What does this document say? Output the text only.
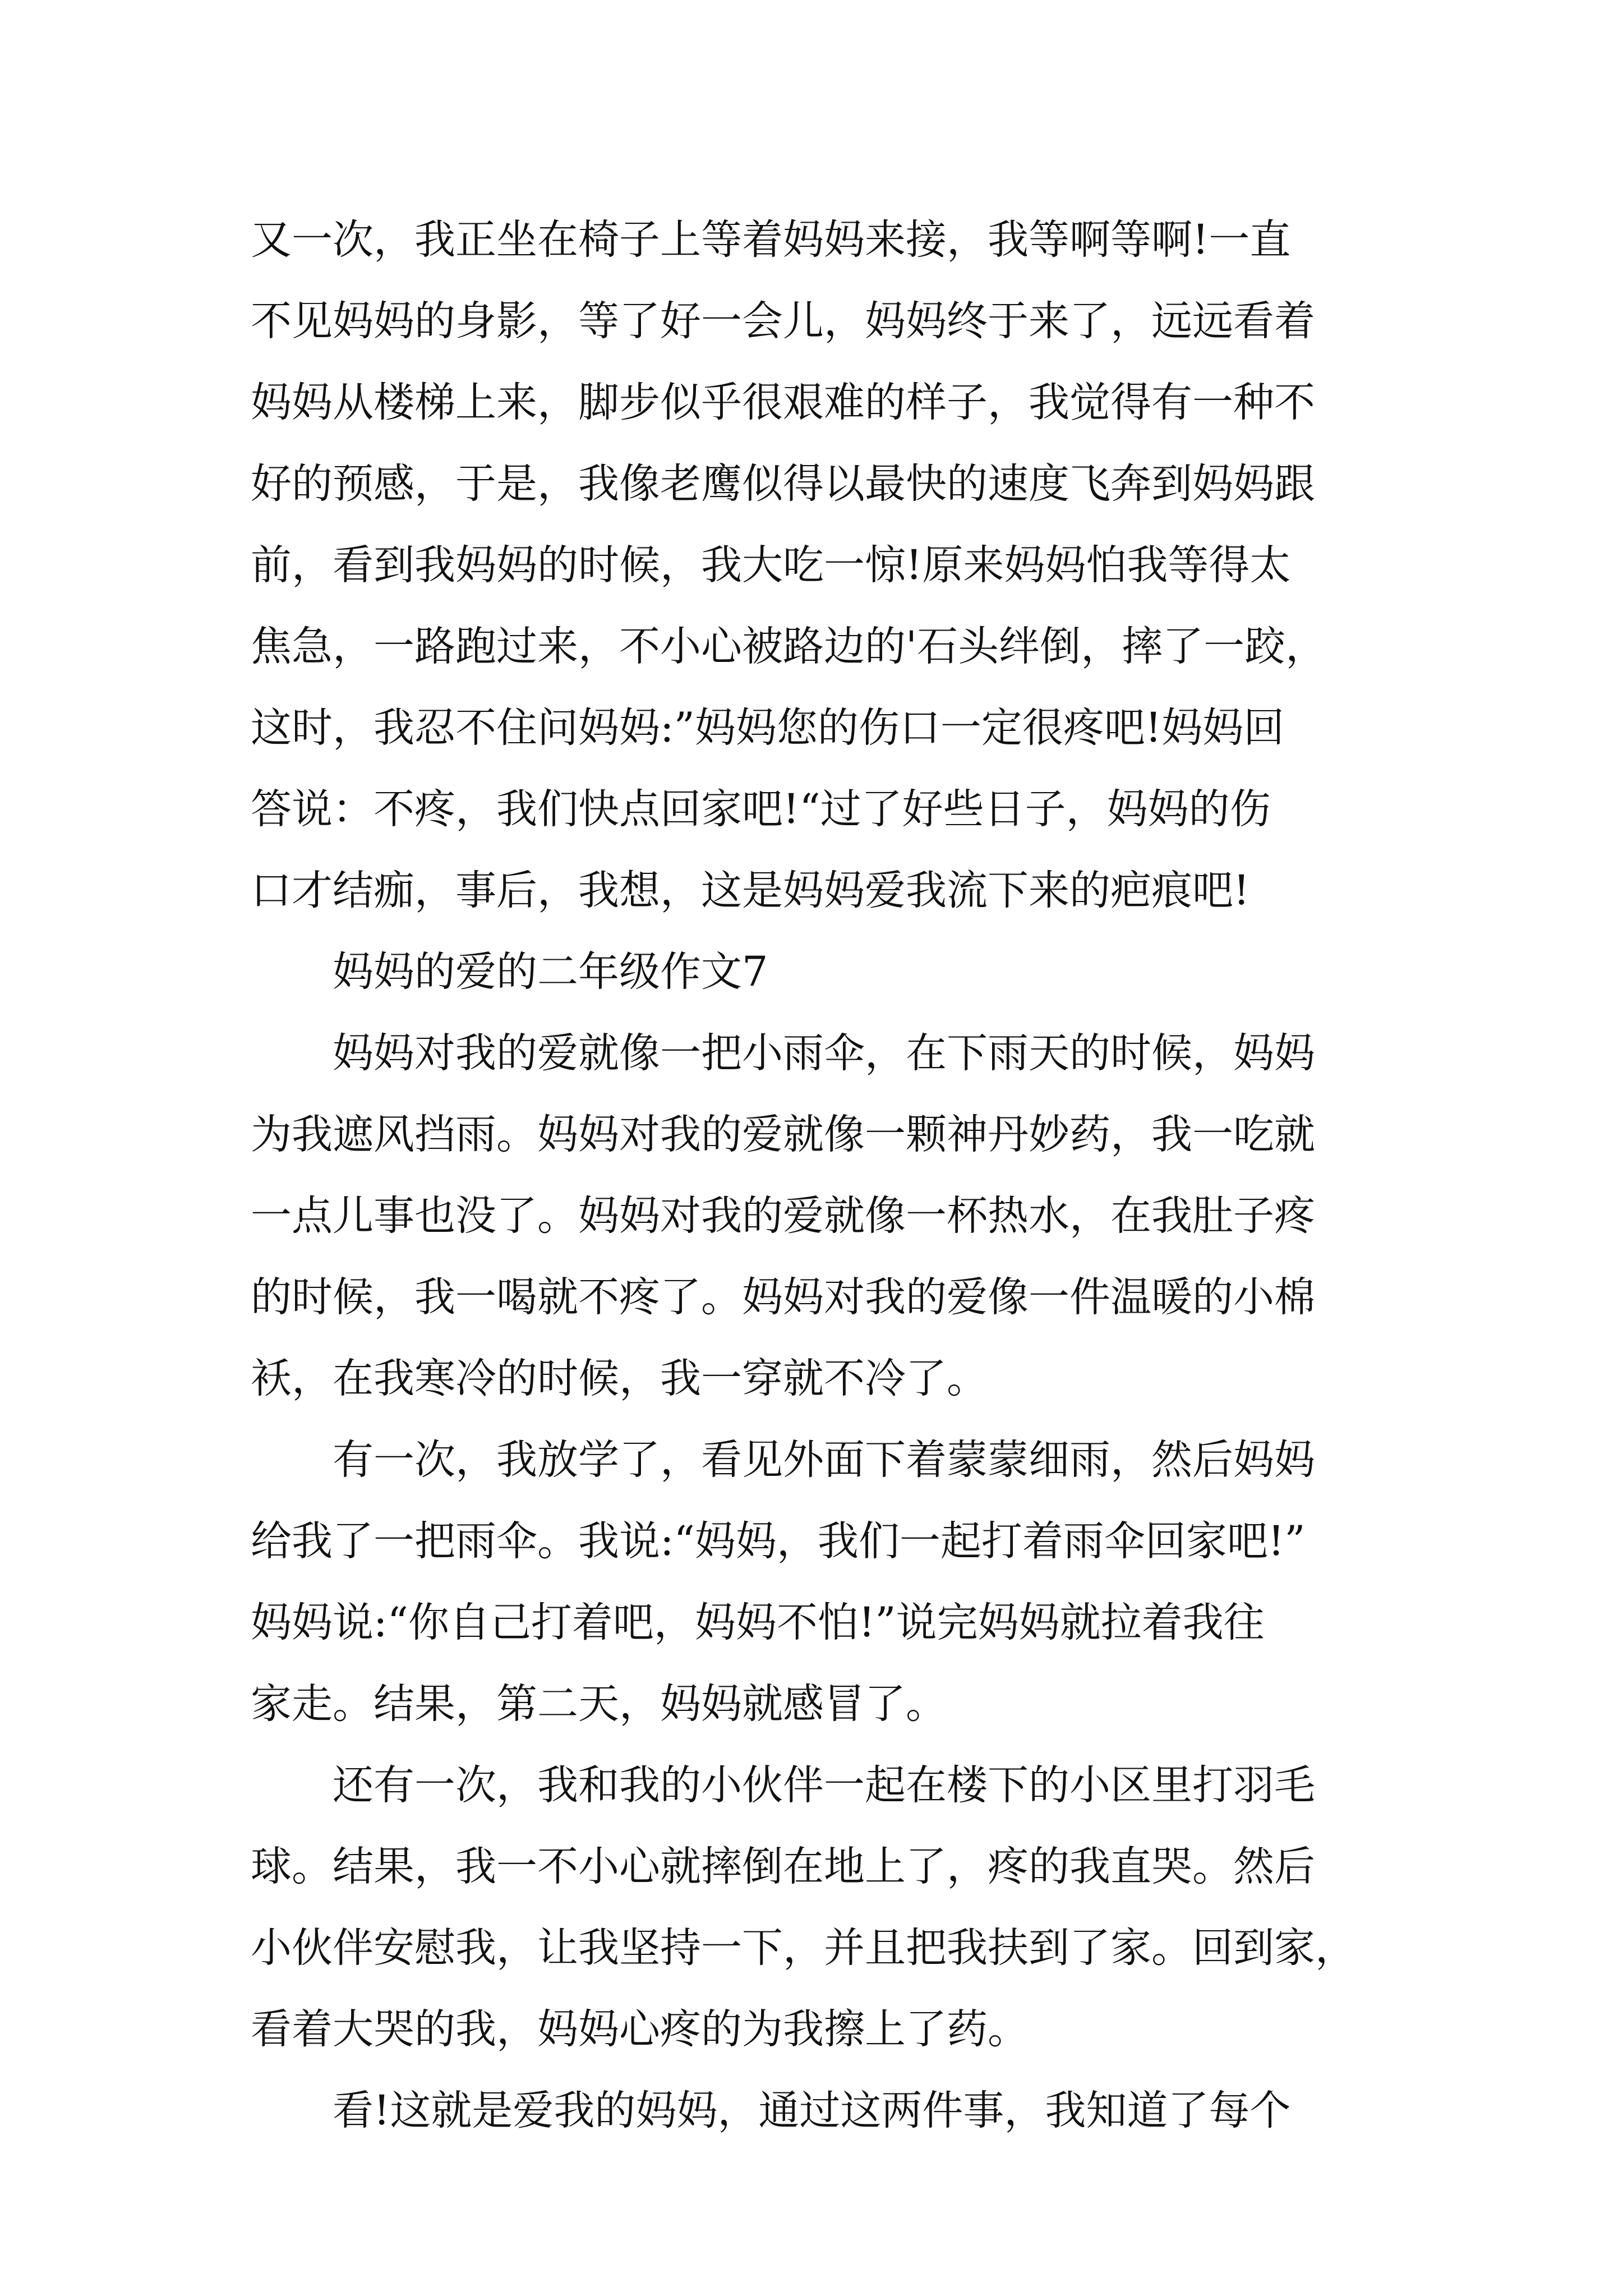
又一次，我正坐在椅子上等着妈妈来接，我等啊等啊!一直
不见妈妈的身影，等了好一会儿，妈妈终于来了，远远看着
妈妈从楼梯上来，脚步似乎很艰难的样子，我觉得有一种不
好的预感，于是，我像老鹰似得以最快的速度飞奔到妈妈跟
前，看到我妈妈的时候，我大吃一惊!原来妈妈怕我等得太
焦急，一路跑过来，不小心被路边的'石头绊倒，摔了一跤，
这时，我忍不住问妈妈:”妈妈您的伤口一定很疼吧!妈妈回
答说：不疼，我们快点回家吧!“过了好些日子，妈妈的伤
口才结痂，事后，我想，这是妈妈爱我流下来的疤痕吧!
妈妈的爱的二年级作文7
妈妈对我的爱就像一把小雨伞，在下雨天的时候，妈妈
为我遮风挡雨。妈妈对我的爱就像一颗神丹妙药，我一吃就
一点儿事也没了。妈妈对我的爱就像一杯热水，在我肚子疼
的时候，我一喝就不疼了。妈妈对我的爱像一件温暖的小棉
袄，在我寒冷的时候，我一穿就不冷了。
有一次，我放学了，看见外面下着蒙蒙细雨，然后妈妈
给我了一把雨伞。我说:“妈妈，我们一起打着雨伞回家吧!”
妈妈说:“你自己打着吧，妈妈不怕!”说完妈妈就拉着我往
家走。结果，第二天，妈妈就感冒了。
还有一次，我和我的小伙伴一起在楼下的小区里打羽毛
球。结果，我一不小心就摔倒在地上了，疼的我直哭。然后
小伙伴安慰我，让我坚持一下，并且把我扶到了家。回到家，
看着大哭的我，妈妈心疼的为我擦上了药。
看!这就是爱我的妈妈，通过这两件事，我知道了每个
